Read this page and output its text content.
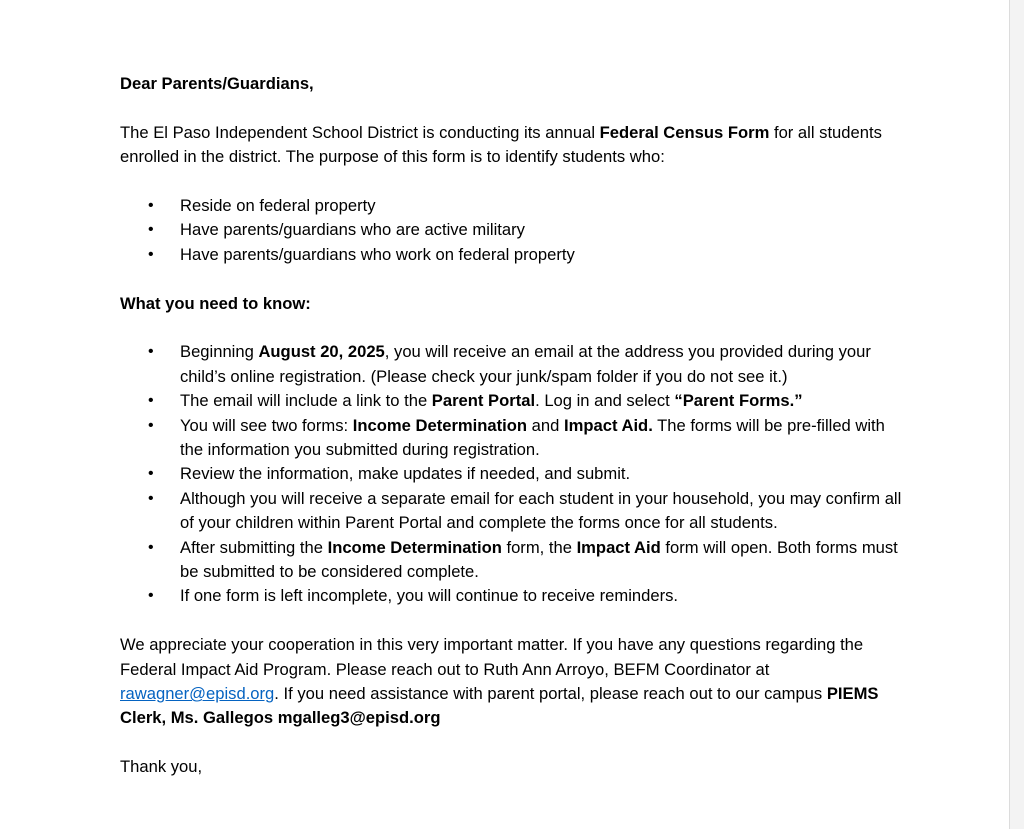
Dear Parents/Guardians,

The El Paso Independent School District is conducting its annual Federal Census Form for all students enrolled in the district. The purpose of this form is to identify students who:

• Reside on federal property
• Have parents/guardians who are active military
• Have parents/guardians who work on federal property

What you need to know:

• Beginning August 20, 2025, you will receive an email at the address you provided during your child’s online registration. (Please check your junk/spam folder if you do not see it.)
• The email will include a link to the Parent Portal. Log in and select “Parent Forms.”
• You will see two forms: Income Determination and Impact Aid. The forms will be pre-filled with the information you submitted during registration.
• Review the information, make updates if needed, and submit.
• Although you will receive a separate email for each student in your household, you may confirm all of your children within Parent Portal and complete the forms once for all students.
• After submitting the Income Determination form, the Impact Aid form will open. Both forms must be submitted to be considered complete.
• If one form is left incomplete, you will continue to receive reminders.

We appreciate your cooperation in this very important matter. If you have any questions regarding the Federal Impact Aid Program. Please reach out to Ruth Ann Arroyo, BEFM Coordinator at rawagner@episd.org. If you need assistance with parent portal, please reach out to our campus PIEMS Clerk, Ms. Gallegos mgalleg3@episd.org

Thank you,
